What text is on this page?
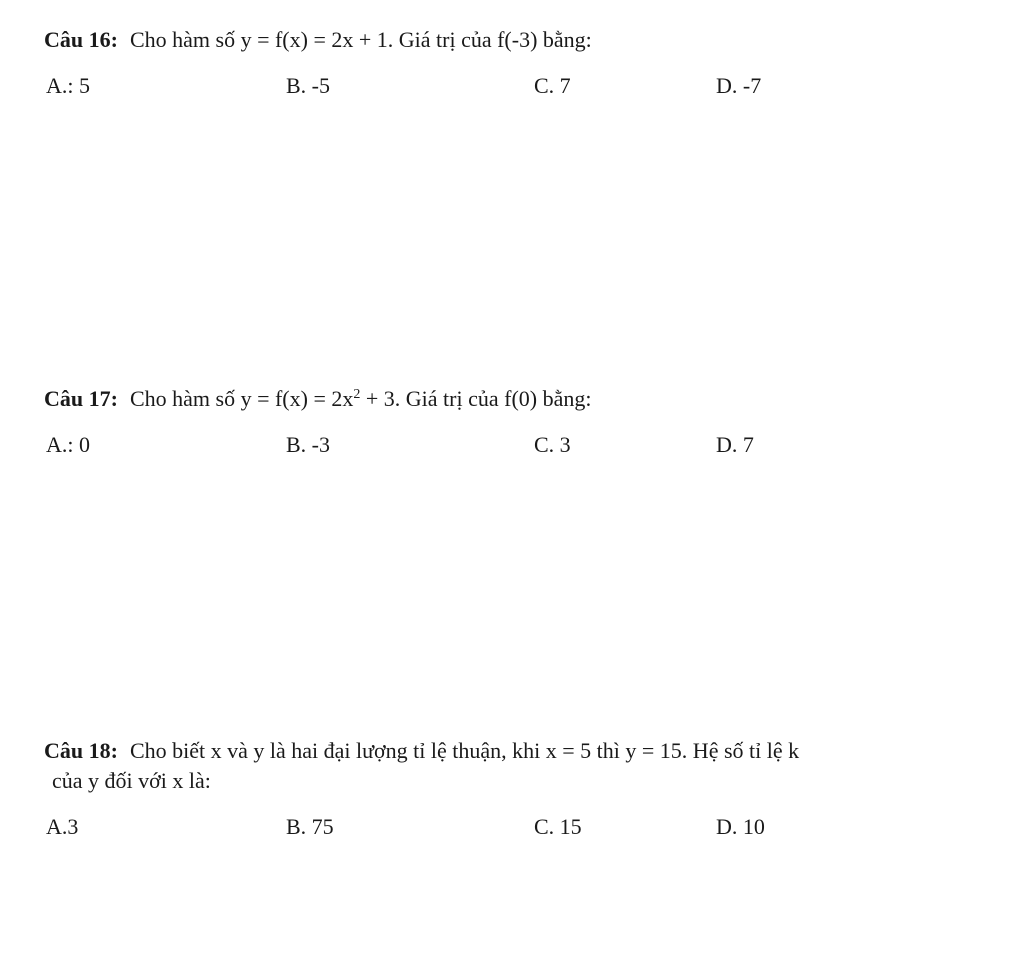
Câu 16: Cho hàm số y = f(x) = 2x + 1. Giá trị của f(-3) bằng:
A.: 5	B. -5	C. 7	D. -7
Câu 17: Cho hàm số $y = f(x) = 2x^2 + 3$. Giá trị của f(0) bằng:
A.: 0	B. -3	C. 3	D. 7
Câu 18: Cho biết x và y là hai đại lượng tỉ lệ thuận, khi x = 5 thì y = 15. Hệ số tỉ lệ k
của y đối với x là:
A.3	B. 75	C. 15	D. 10
